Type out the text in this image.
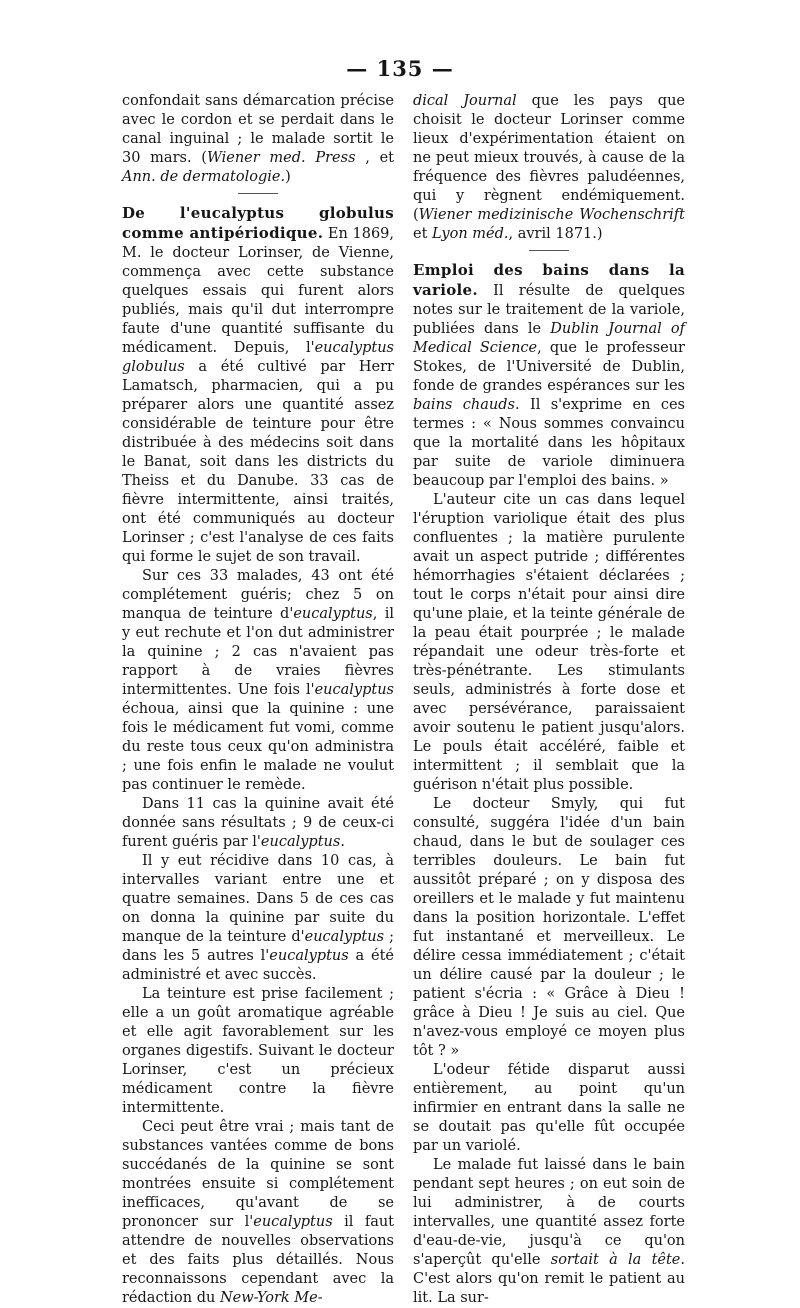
— 135 —

confondait sans démarcation précise avec le cordon et se perdait dans le canal inguinal ; le malade sortit le 30 mars. (Wiener med. Press , et Ann. de dermatologie.)

De l'eucalyptus globulus comme antipériodique. En 1869, M. le docteur Lorinser, de Vienne, commença avec cette substance quelques essais qui furent alors publiés, mais qu'il dut interrompre faute d'une quantité suffisante du médicament. Depuis, l'eucalyptus globulus a été cultivé par Herr Lamatsch, pharmacien, qui a pu préparer alors une quantité assez considérable de teinture pour être distribuée à des médecins soit dans le Banat, soit dans les districts du Theiss et du Danube. 33 cas de fièvre intermittente, ainsi traités, ont été communiqués au docteur Lorinser ; c'est l'analyse de ces faits qui forme le sujet de son travail.

Sur ces 33 malades, 43 ont été complétement guéris; chez 5 on manqua de teinture d'eucalyptus, il y eut rechute et l'on dut administrer la quinine ; 2 cas n'avaient pas rapport à de vraies fièvres intermittentes. Une fois l'eucalyptus échoua, ainsi que la quinine : une fois le médicament fut vomi, comme du reste tous ceux qu'on administra ; une fois enfin le malade ne voulut pas continuer le remède.

Dans 11 cas la quinine avait été donnée sans résultats ; 9 de ceux-ci furent guéris par l'eucalyptus.

Il y eut récidive dans 10 cas, à intervalles variant entre une et quatre semaines. Dans 5 de ces cas on donna la quinine par suite du manque de la teinture d'eucalyptus ; dans les 5 autres l'eucalyptus a été administré et avec succès.

La teinture est prise facilement ; elle a un goût aromatique agréable et elle agit favorablement sur les organes digestifs. Suivant le docteur Lorinser, c'est un précieux médicament contre la fièvre intermittente.

Ceci peut être vrai ; mais tant de substances vantées comme de bons succédanés de la quinine se sont montrées ensuite si complétement inefficaces, qu'avant de se prononcer sur l'eucalyptus il faut attendre de nouvelles observations et des faits plus détaillés. Nous reconnaissons cependant avec la rédaction du New-York Me-

dical Journal que les pays que choisit le docteur Lorinser comme lieux d'expérimentation étaient on ne peut mieux trouvés, à cause de la fréquence des fièvres paludéennes, qui y règnent endémiquement. (Wiener medizinische Wochenschrift et Lyon méd., avril 1871.)

Emploi des bains dans la variole. Il résulte de quelques notes sur le traitement de la variole, publiées dans le Dublin Journal of Medical Science, que le professeur Stokes, de l'Université de Dublin, fonde de grandes espérances sur les bains chauds. Il s'exprime en ces termes : « Nous sommes convaincu que la mortalité dans les hôpitaux par suite de variole diminuera beaucoup par l'emploi des bains. »

L'auteur cite un cas dans lequel l'éruption variolique était des plus confluentes ; la matière purulente avait un aspect putride ; différentes hémorrhagies s'étaient déclarées ; tout le corps n'était pour ainsi dire qu'une plaie, et la teinte générale de la peau était pourprée ; le malade répandait une odeur très-forte et très-pénétrante. Les stimulants seuls, administrés à forte dose et avec persévérance, paraissaient avoir soutenu le patient jusqu'alors. Le pouls était accéléré, faible et intermittent ; il semblait que la guérison n'était plus possible.

Le docteur Smyly, qui fut consulté, suggéra l'idée d'un bain chaud, dans le but de soulager ces terribles douleurs. Le bain fut aussitôt préparé ; on y disposa des oreillers et le malade y fut maintenu dans la position horizontale. L'effet fut instantané et merveilleux. Le délire cessa immédiatement ; c'était un délire causé par la douleur ; le patient s'écria : « Grâce à Dieu ! grâce à Dieu ! Je suis au ciel. Que n'avez-vous employé ce moyen plus tôt ? »

L'odeur fétide disparut aussi entièrement, au point qu'un infirmier en entrant dans la salle ne se doutait pas qu'elle fût occupée par un variolé.

Le malade fut laissé dans le bain pendant sept heures ; on eut soin de lui administrer, à de courts intervalles, une quantité assez forte d'eau-de-vie, jusqu'à ce qu'on s'aperçût qu'elle sortait à la tête. C'est alors qu'on remit le patient au lit. La sur-
